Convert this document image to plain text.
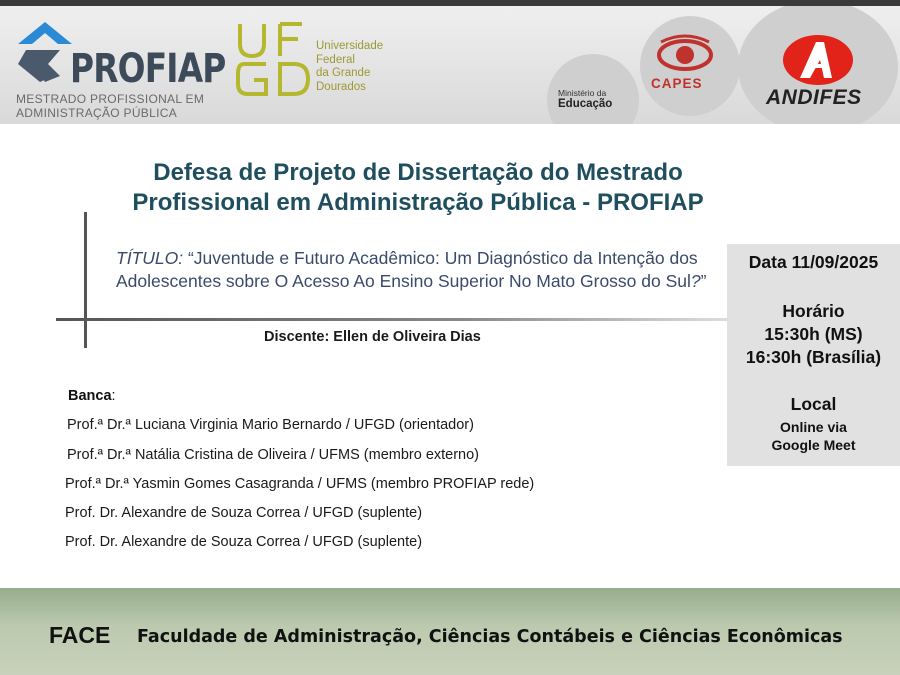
PROFIAP
MESTRADO PROFISSIONAL EM
ADMINISTRAÇÃO PÚBLICA
Universidade
Federal
da Grande
Dourados
Ministério da
Educação
CAPES
ANDIFES
Defesa de Projeto de Dissertação do Mestrado
Profissional em Administração Pública - PROFIAP
TÍTULO: “Juventude e Futuro Acadêmico: Um Diagnóstico da Intenção dos Adolescentes sobre O Acesso Ao Ensino Superior No Mato Grosso do Sul?”
Discente: Ellen de Oliveira Dias
Data 11/09/2025
Horário
15:30h (MS)
16:30h (Brasília)
Local
Online via
Google Meet
Banca:
Prof.ª Dr.ª Luciana Virginia Mario Bernardo / UFGD (orientador)
Prof.ª Dr.ª Natália Cristina de Oliveira / UFMS (membro externo)
Prof.ª Dr.ª Yasmin Gomes Casagranda / UFMS (membro PROFIAP rede)
Prof. Dr. Alexandre de Souza Correa / UFGD (suplente)
Prof. Dr. Alexandre de Souza Correa / UFGD (suplente)
FACE Faculdade de Administração, Ciências Contábeis e Ciências Econômicas
